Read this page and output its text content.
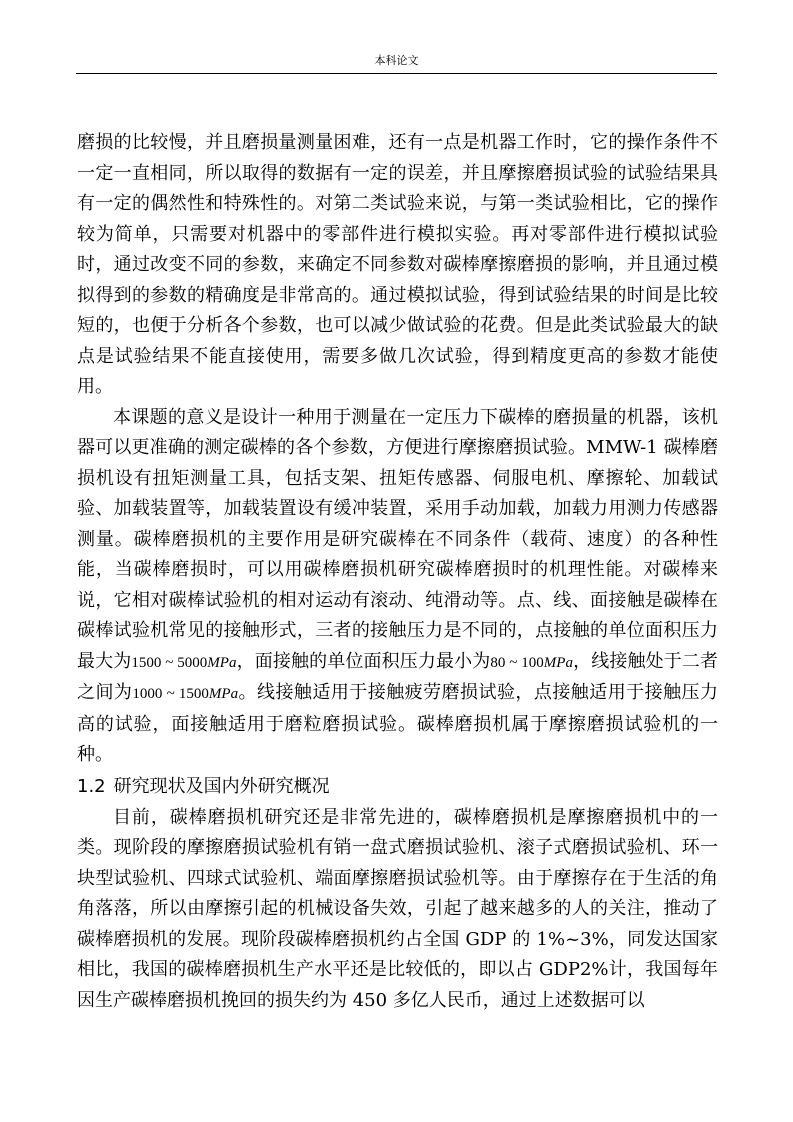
本科论文

磨损的比较慢，并且磨损量测量困难，还有一点是机器工作时，它的操作条件不一定一直相同，所以取得的数据有一定的误差，并且摩擦磨损试验的试验结果具有一定的偶然性和特殊性的。对第二类试验来说，与第一类试验相比，它的操作较为简单，只需要对机器中的零部件进行模拟实验。再对零部件进行模拟试验时，通过改变不同的参数，来确定不同参数对碳棒摩擦磨损的影响，并且通过模拟得到的参数的精确度是非常高的。通过模拟试验，得到试验结果的时间是比较短的，也便于分析各个参数，也可以减少做试验的花费。但是此类试验最大的缺点是试验结果不能直接使用，需要多做几次试验，得到精度更高的参数才能使用。

本课题的意义是设计一种用于测量在一定压力下碳棒的磨损量的机器，该机器可以更准确的测定碳棒的各个参数，方便进行摩擦磨损试验。MMW-1 碳棒磨损机设有扭矩测量工具，包括支架、扭矩传感器、伺服电机、摩擦轮、加载试验、加载装置等，加载装置设有缓冲装置，采用手动加载，加载力用测力传感器测量。碳棒磨损机的主要作用是研究碳棒在不同条件（载荷、速度）的各种性能，当碳棒磨损时，可以用碳棒磨损机研究碳棒磨损时的机理性能。对碳棒来说，它相对碳棒试验机的相对运动有滚动、纯滑动等。点、线、面接触是碳棒在碳棒试验机常见的接触形式，三者的接触压力是不同的，点接触的单位面积压力最大为1500 ~ 5000MPa，面接触的单位面积压力最小为80 ~ 100MPa，线接触处于二者之间为1000 ~ 1500MPa。线接触适用于接触疲劳磨损试验，点接触适用于接触压力高的试验，面接触适用于磨粒磨损试验。碳棒磨损机属于摩擦磨损试验机的一种。

1.2 研究现状及国内外研究概况

目前，碳棒磨损机研究还是非常先进的，碳棒磨损机是摩擦磨损机中的一类。现阶段的摩擦磨损试验机有销一盘式磨损试验机、滚子式磨损试验机、环一块型试验机、四球式试验机、端面摩擦磨损试验机等。由于摩擦存在于生活的角角落落，所以由摩擦引起的机械设备失效，引起了越来越多的人的关注，推动了碳棒磨损机的发展。现阶段碳棒磨损机约占全国 GDP 的 1%~3%，同发达国家相比，我国的碳棒磨损机生产水平还是比较低的，即以占 GDP2%计，我国每年因生产碳棒磨损机挽回的损失约为 450 多亿人民币，通过上述数据可以
